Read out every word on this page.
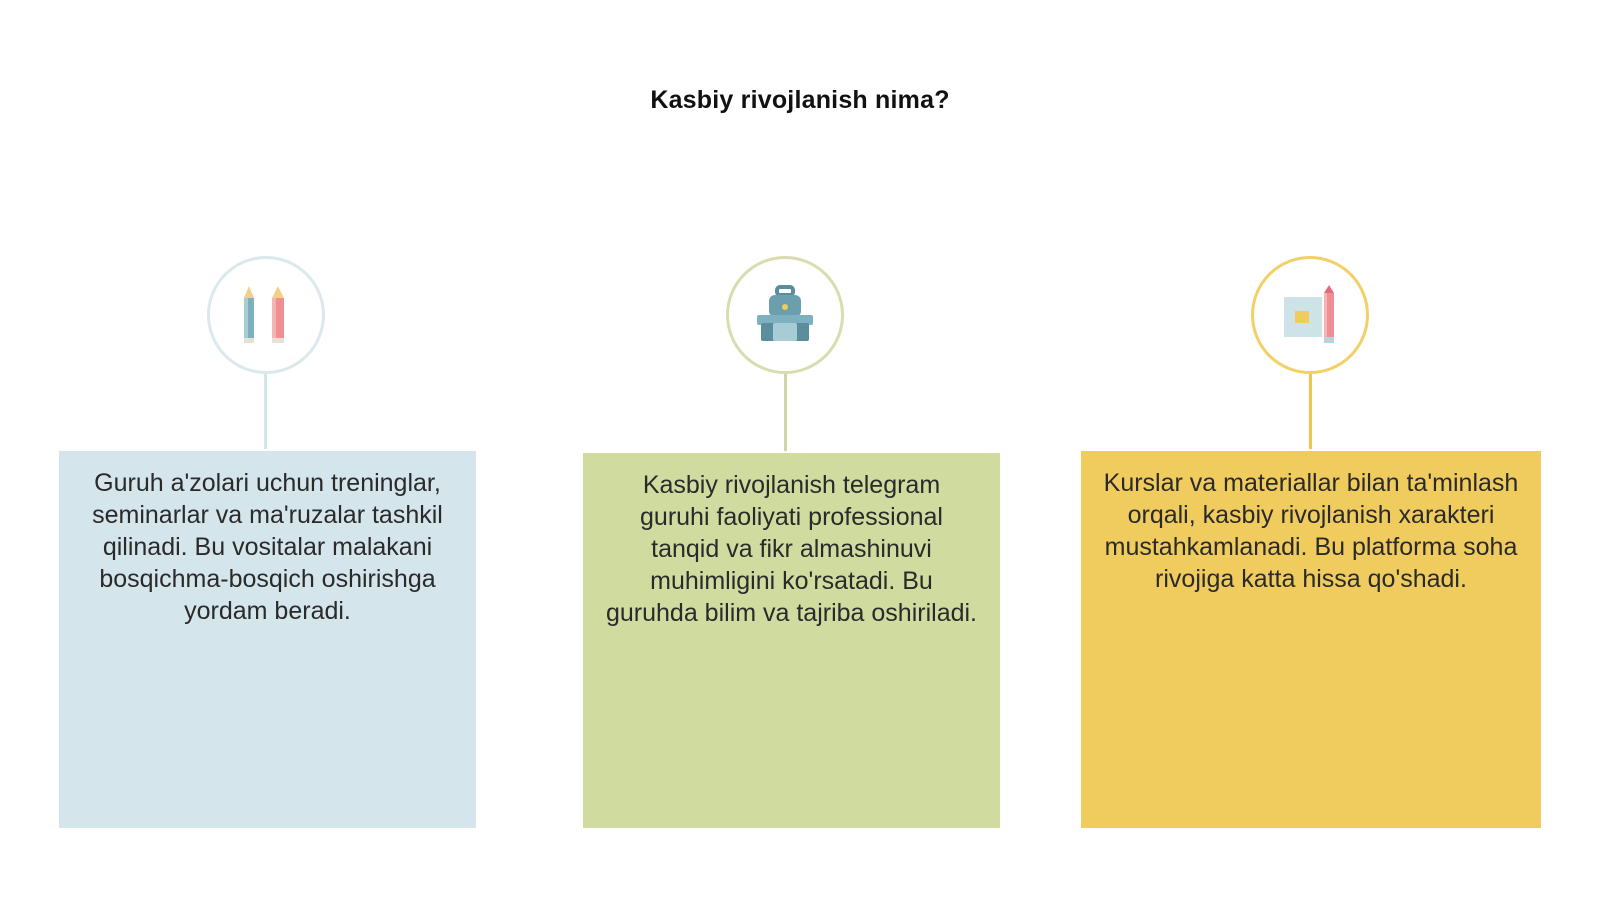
Kasbiy rivojlanish nima?
Guruh a'zolari uchun treninglar, seminarlar va ma'ruzalar tashkil qilinadi. Bu vositalar malakani bosqichma-bosqich oshirishga yordam beradi.
Kasbiy rivojlanish telegram guruhi faoliyati professional tanqid va fikr almashinuvi muhimligini ko'rsatadi. Bu guruhda bilim va tajriba oshiriladi.
Kurslar va materiallar bilan ta'minlash orqali, kasbiy rivojlanish xarakteri mustahkamlanadi. Bu platforma soha rivojiga katta hissa qo'shadi.
